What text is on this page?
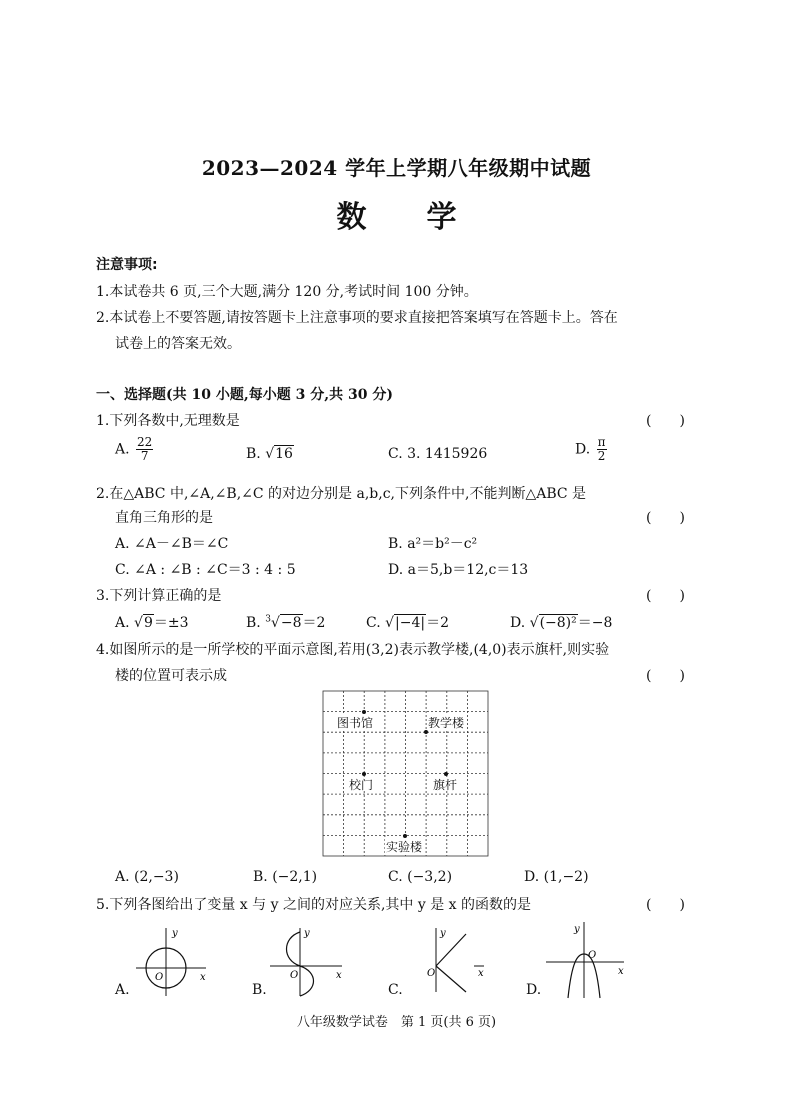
2023—2024 学年上学期八年级期中试题
数学
注意事项:
1.本试卷共 6 页,三个大题,满分 120 分,考试时间 100 分钟。
2.本试卷上不要答题,请按答题卡上注意事项的要求直接把答案填写在答题卡上。答在
试卷上的答案无效。
一、选择题(共 10 小题,每小题 3 分,共 30 分)
1.下列各数中,无理数是	(　　)
A. $\frac{22}{7}$	B. √16	C. 3. 1415926	D. $\frac{\pi}{2}$
2.在△ABC 中,∠A,∠B,∠C 的对边分别是 a,b,c,下列条件中,不能判断△ABC 是
直角三角形的是	(　　)
A. ∠A－∠B＝∠C	B. a²＝b²－c²
C. ∠A : ∠B : ∠C＝3 : 4 : 5	D. a＝5,b＝12,c＝13
3.下列计算正确的是	(　　)
A. √9＝±3	B. $^3$√−8＝2	C. √|−4|＝2	D. √(−8)²＝−8
4.如图所示的是一所学校的平面示意图,若用(3,2)表示教学楼,(4,0)表示旗杆,则实验
楼的位置可表示成	(　　)
图书馆	教学楼
校门	旗杆
实验楼
A. (2,−3)	B. (−2,1)	C. (−3,2)	D. (1,−2)
5.下列各图给出了变量 x 与 y 之间的对应关系,其中 y 是 x 的函数的是	(　　)
A.
y
x
O
B.
y
x
O
C.
y
x
O
D.
y
x
O
八年级数学试卷　第 1 页(共 6 页)
